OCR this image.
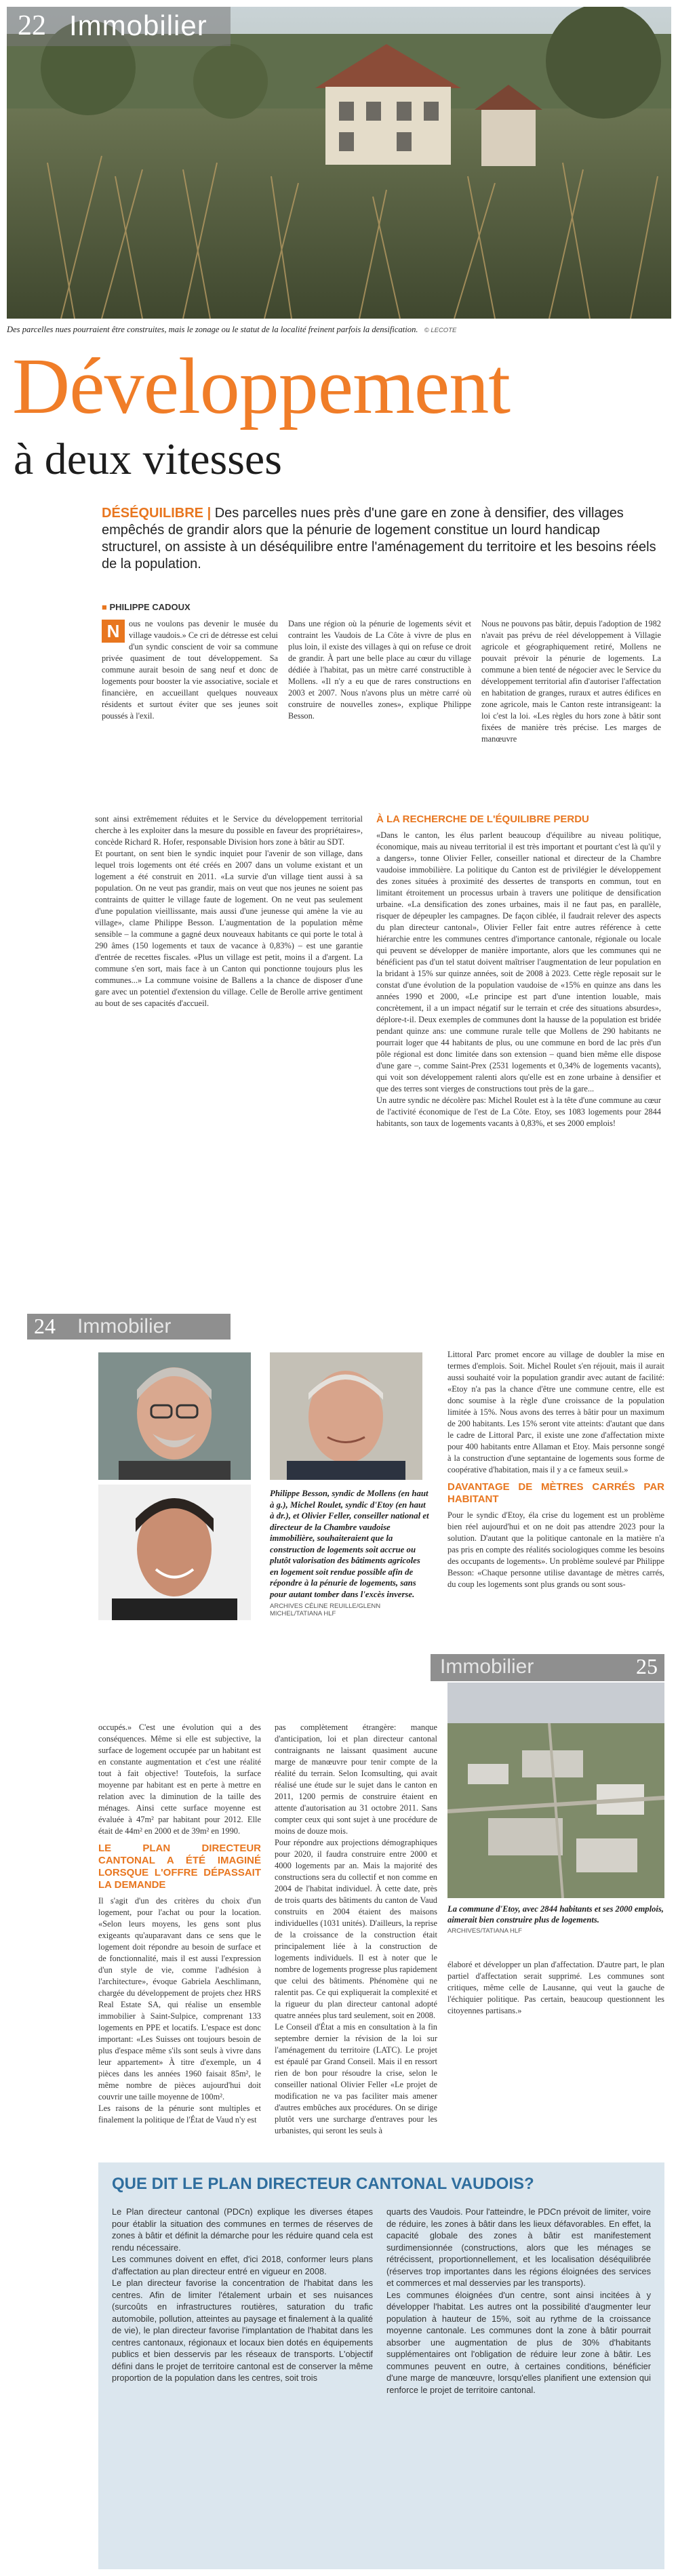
22 Immobilier
Des parcelles nues pourraient être construites, mais le zonage ou le statut de la localité freinent parfois la densification. © LECOTE
Développement
à deux vitesses
DÉSÉQUILIBRE | Des parcelles nues près d'une gare en zone à densifier, des villages empêchés de grandir alors que la pénurie de logement constitue un lourd handicap structurel, on assiste à un déséquilibre entre l'aménagement du territoire et les besoins réels de la population.
■ PHILIPPE CADOUX
N	ous ne voulons pas devenir le musée du village vaudois.» Ce cri de détresse est celui d'un syndic conscient de voir sa commune privée quasiment de tout développement. Sa commune aurait besoin de sang neuf et donc de logements pour booster la vie associative, sociale et financière, en accueillant quelques nouveaux résidents et surtout éviter que ses jeunes soit poussés à l'exil.
Dans une région où la pénurie de logements sévit et contraint les Vaudois de La Côte à vivre de plus en plus loin, il existe des villages à qui on refuse ce droit de grandir. À part une belle place au cœur du village dédiée à l'habitat, pas un mètre carré constructible à Mollens. «Il n'y a eu que de rares constructions en 2003 et 2007. Nous n'avons plus un mètre carré où construire de nouvelles zones», explique Philippe Besson.
Nous ne pouvons pas bâtir, depuis l'adoption de 1982 n'avait pas prévu de réel développement à Villagie agricole et géographiquement retiré, Mollens ne pouvait prévoir la pénurie de logements. La commune a bien tenté de négocier avec le Service du développement territorial afin d'autoriser l'affectation en habitation de granges, ruraux et autres édifices en zone agricole, mais le Canton reste intransigeant: la loi c'est la loi. «Les règles du hors zone à bâtir sont fixées de manière très précise. Les marges de manœuvre

sont ainsi extrêmement réduites et le Service du développement territorial cherche à les exploiter dans la mesure du possible en faveur des propriétaires», concède Richard R. Hofer, responsable Division hors zone à bâtir au SDT.
Et pourtant, on sent bien le syndic inquiet pour l'avenir de son village, dans lequel trois logements ont été créés en 2007 dans un volume existant et un logement a été construit en 2011. «La survie d'un village tient aussi à sa population. On ne veut pas grandir, mais on veut que nos jeunes ne soient pas contraints de quitter le village faute de logement. On ne veut pas seulement d'une population vieillissante, mais aussi d'une jeunesse qui amène la vie au village», clame Philippe Besson. L'augmentation de la population même sensible – la commune a gagné deux nouveaux habitants ce qui porte le total à 290 âmes (150 logements et taux de vacance à 0,83%) – est une garantie d'entrée de recettes fiscales. «Plus un village est petit, moins il a d'argent. La commune s'en sort, mais face à un Canton qui ponctionne toujours plus les communes...» La commune voisine de Ballens a la chance de disposer d'une gare avec un potentiel d'extension du village. Celle de Berolle arrive gentiment au bout de ses capacités d'accueil.

À LA RECHERCHE DE L'ÉQUILIBRE PERDU

«Dans le canton, les élus parlent beaucoup d'équilibre au niveau politique, économique, mais au niveau territorial il est très important et pourtant c'est là qu'il y a dangers», tonne Olivier Feller, conseiller national et directeur de la Chambre vaudoise immobilière. La politique du Canton est de privilégier le développement des zones situées à proximité des dessertes de transports en commun, tout en limitant étroitement un processus urbain à travers une politique de densification urbaine. «La densification des zones urbaines, mais il ne faut pas, en parallèle, risquer de dépeupler les campagnes. De façon ciblée, il faudrait relever des aspects du plan directeur cantonal», Olivier Feller fait entre autres référence à cette hiérarchie entre les communes centres d'importance cantonale, régionale ou locale qui peuvent se développer de manière importante, alors que les communes qui ne bénéficient pas d'un tel statut doivent maîtriser l'augmentation de leur population en la bridant à 15% sur quinze années, soit de 2008 à 2023. Cette règle reposait sur le constat d'une évolution de la population vaudoise de «15% en quinze ans dans les années 1990 et 2000, «Le principe est part d'une intention louable, mais concrètement, il a un impact négatif sur le terrain et crée des situations absurdes», déplore-t-il. Deux exemples de communes dont la hausse de la population est bridée pendant quinze ans: une commune rurale telle que Mollens de 290 habitants ne pourrait loger que 44 habitants de plus, ou une commune en bord de lac près d'un pôle régional est donc limitée dans son extension – quand bien même elle dispose d'une gare –, comme Saint-Prex (2531 logements et 0,34% de logements vacants), qui voit son développement ralenti alors qu'elle est en zone urbaine à densifier et que des terres sont vierges de constructions tout près de la gare...
Un autre syndic ne décolère pas: Michel Roulet est à la tête d'une commune au cœur de l'activité économique de l'est de La Côte. Etoy, ses 1083 logements pour 2844 habitants, son taux de logements vacants à 0,83%, et ses 2000 emplois!

24 Immobilier
Philippe Besson, syndic de Mollens (en haut à g.), Michel Roulet, syndic d'Etoy (en haut à dr.), et Olivier Feller, conseiller national et directeur de la Chambre vaudoise immobilière, souhaiteraient que la construction de logements soit accrue ou plutôt valorisation des bâtiments agricoles en logement soit rendue possible afin de répondre à la pénurie de logements, sans pour autant tomber dans l'excès inverse.
ARCHIVES CÉLINE REUILLE/GLENN MICHEL/TATIANA HLF

Littoral Parc promet encore au village de doubler la mise en termes d'emplois. Soit. Michel Roulet s'en réjouit, mais il aurait aussi souhaité voir la population grandir avec autant de facilité: «Etoy n'a pas la chance d'être une commune centre, elle est donc soumise à la règle d'une croissance de la population limitée à 15%. Nous avons des terres à bâtir pour un maximum de 200 habitants. Les 15% seront vite atteints: d'autant que dans le cadre de Littoral Parc, il existe une zone d'affectation mixte pour 400 habitants entre Allaman et Etoy. Mais personne songé à la construction d'une septantaine de logements sous forme de coopérative d'habitation, mais il y a ce fameux seuil.»

DAVANTAGE DE MÈTRES CARRÉS PAR HABITANT

Pour le syndic d'Etoy, éla crise du logement est un problème bien réel aujourd'hui et on ne doit pas attendre 2023 pour la solution. D'autant que la politique cantonale en la matière n'a pas pris en compte des réalités sociologiques comme les besoins des occupants de logements». Un problème soulevé par Philippe Besson: «Chaque personne utilise davantage de mètres carrés, du coup les logements sont plus grands ou sont sous-

Immobilier	25

occupés.» C'est une évolution qui a des conséquences. Même si elle est subjective, la surface de logement occupée par un habitant est en constante augmentation et c'est une réalité tout à fait objective! Toutefois, la surface moyenne par habitant est en perte à mettre en relation avec la diminution de la taille des ménages. Ainsi cette surface moyenne est évaluée à 47m² par habitant pour 2012. Elle était de 44m² en 2000 et de 39m² en 1990.

LE PLAN DIRECTEUR CANTONAL A ÉTÉ IMAGINÉ LORSQUE L'OFFRE DÉPASSAIT LA DEMANDE

Il s'agit d'un des critères du choix d'un logement, pour l'achat ou pour la location. «Selon leurs moyens, les gens sont plus exigeants qu'auparavant dans ce sens que le logement doit répondre au besoin de surface et de fonctionnalité, mais il est aussi l'expression d'un style de vie, comme l'adhésion à l'architecture», évoque Gabriela Aeschlimann, chargée du développement de projets chez HRS Real Estate SA, qui réalise un ensemble immobilier à Saint-Sulpice, comprenant 133 logements en PPE et locatifs. L'espace est donc important: «Les Suisses ont toujours besoin de plus d'espace même s'ils sont seuls à vivre dans leur appartement» À titre d'exemple, un 4 pièces dans les années 1960 faisait 85m², le même nombre de pièces aujourd'hui doit couvrir une taille moyenne de 100m².
Les raisons de la pénurie sont multiples et finalement la politique de l'État de Vaud n'y est

pas complètement étrangère: manque d'anticipation, loi et plan directeur cantonal contraignants ne laissant quasiment aucune marge de manœuvre pour tenir compte de la réalité du terrain. Selon Icomsulting, qui avait réalisé une étude sur le sujet dans le canton en 2011, 1200 permis de construire étaient en attente d'autorisation au 31 octobre 2011. Sans compter ceux qui sont sujet à une procédure de moins de douze mois.
Pour répondre aux projections démographiques pour 2020, il faudra construire entre 2000 et 4000 logements par an. Mais la majorité des constructions sera du collectif et non comme en 2004 de l'habitat individuel. À cette date, près de trois quarts des bâtiments du canton de Vaud construits en 2004 étaient des maisons individuelles (1031 unités). D'ailleurs, la reprise de la croissance de la construction était principalement liée à la construction de logements individuels. Il est à noter que le nombre de logements progresse plus rapidement que celui des bâtiments. Phénomène qui ne ralentit pas. Ce qui expliquerait la complexité et la rigueur du plan directeur cantonal adopté quatre années plus tard seulement, soit en 2008.
Le Conseil d'État a mis en consultation à la fin septembre dernier la révision de la loi sur l'aménagement du territoire (LATC). Le projet est épaulé par Grand Conseil. Mais il en ressort rien de bon pour résoudre la crise, selon le conseiller national Olivier Feller «Le projet de modification ne va pas faciliter mais amener d'autres embûches aux procédures. On se dirige plutôt vers une surcharge d'entraves pour les urbanistes, qui seront les seuls à

La commune d'Etoy, avec 2844 habitants et ses 2000 emplois, aimerait bien construire plus de logements.
ARCHIVES/TATIANA HLF
élaboré et développer un plan d'affectation. D'autre part, le plan partiel d'affectation serait supprimé. Les communes sont critiques, même celle de Lausanne, qui veut la gauche de l'échiquier politique. Pas certain, beaucoup questionnent les citoyennes partisans.»
QUE DIT LE PLAN DIRECTEUR CANTONAL VAUDOIS?
Le Plan directeur cantonal (PDCn) explique les diverses étapes pour établir la situation des communes en termes de réserves de zones à bâtir et définit la démarche pour les réduire quand cela est rendu nécessaire.
Les communes doivent en effet, d'ici 2018, conformer leurs plans d'affectation au plan directeur entré en vigueur en 2008.
Le plan directeur favorise la concentration de l'habitat dans les centres. Afin de limiter l'étalement urbain et ses nuisances (surcoûts en infrastructures routières, saturation du trafic automobile, pollution, atteintes au paysage et finalement à la qualité de vie), le plan directeur favorise l'implantation de l'habitat dans les centres cantonaux, régionaux et locaux bien dotés en équipements publics et bien desservis par les réseaux de transports. L'objectif défini dans le projet de territoire cantonal est de conserver la même proportion de la population dans les centres, soit trois
quarts des Vaudois. Pour l'atteindre, le PDCn prévoit de limiter, voire de réduire, les zones à bâtir dans les lieux défavorables. En effet, la capacité globale des zones à bâtir est manifestement surdimensionnée (constructions, alors que les ménages se rétrécissent, proportionnellement, et les localisation déséquilibrée (réserves trop importantes dans les régions éloignées des services et commerces et mal desservies par les transports).
Les communes éloignées d'un centre, sont ainsi incitées à y développer l'habitat. Les autres ont la possibilité d'augmenter leur population à hauteur de 15%, soit au rythme de la croissance moyenne cantonale. Les communes dont la zone à bâtir pourrait absorber une augmentation de plus de 30% d'habitants supplémentaires ont l'obligation de réduire leur zone à bâtir. Les communes peuvent en outre, à certaines conditions, bénéficier d'une marge de manœuvre, lorsqu'elles planifient une extension qui renforce le projet de territoire cantonal.
